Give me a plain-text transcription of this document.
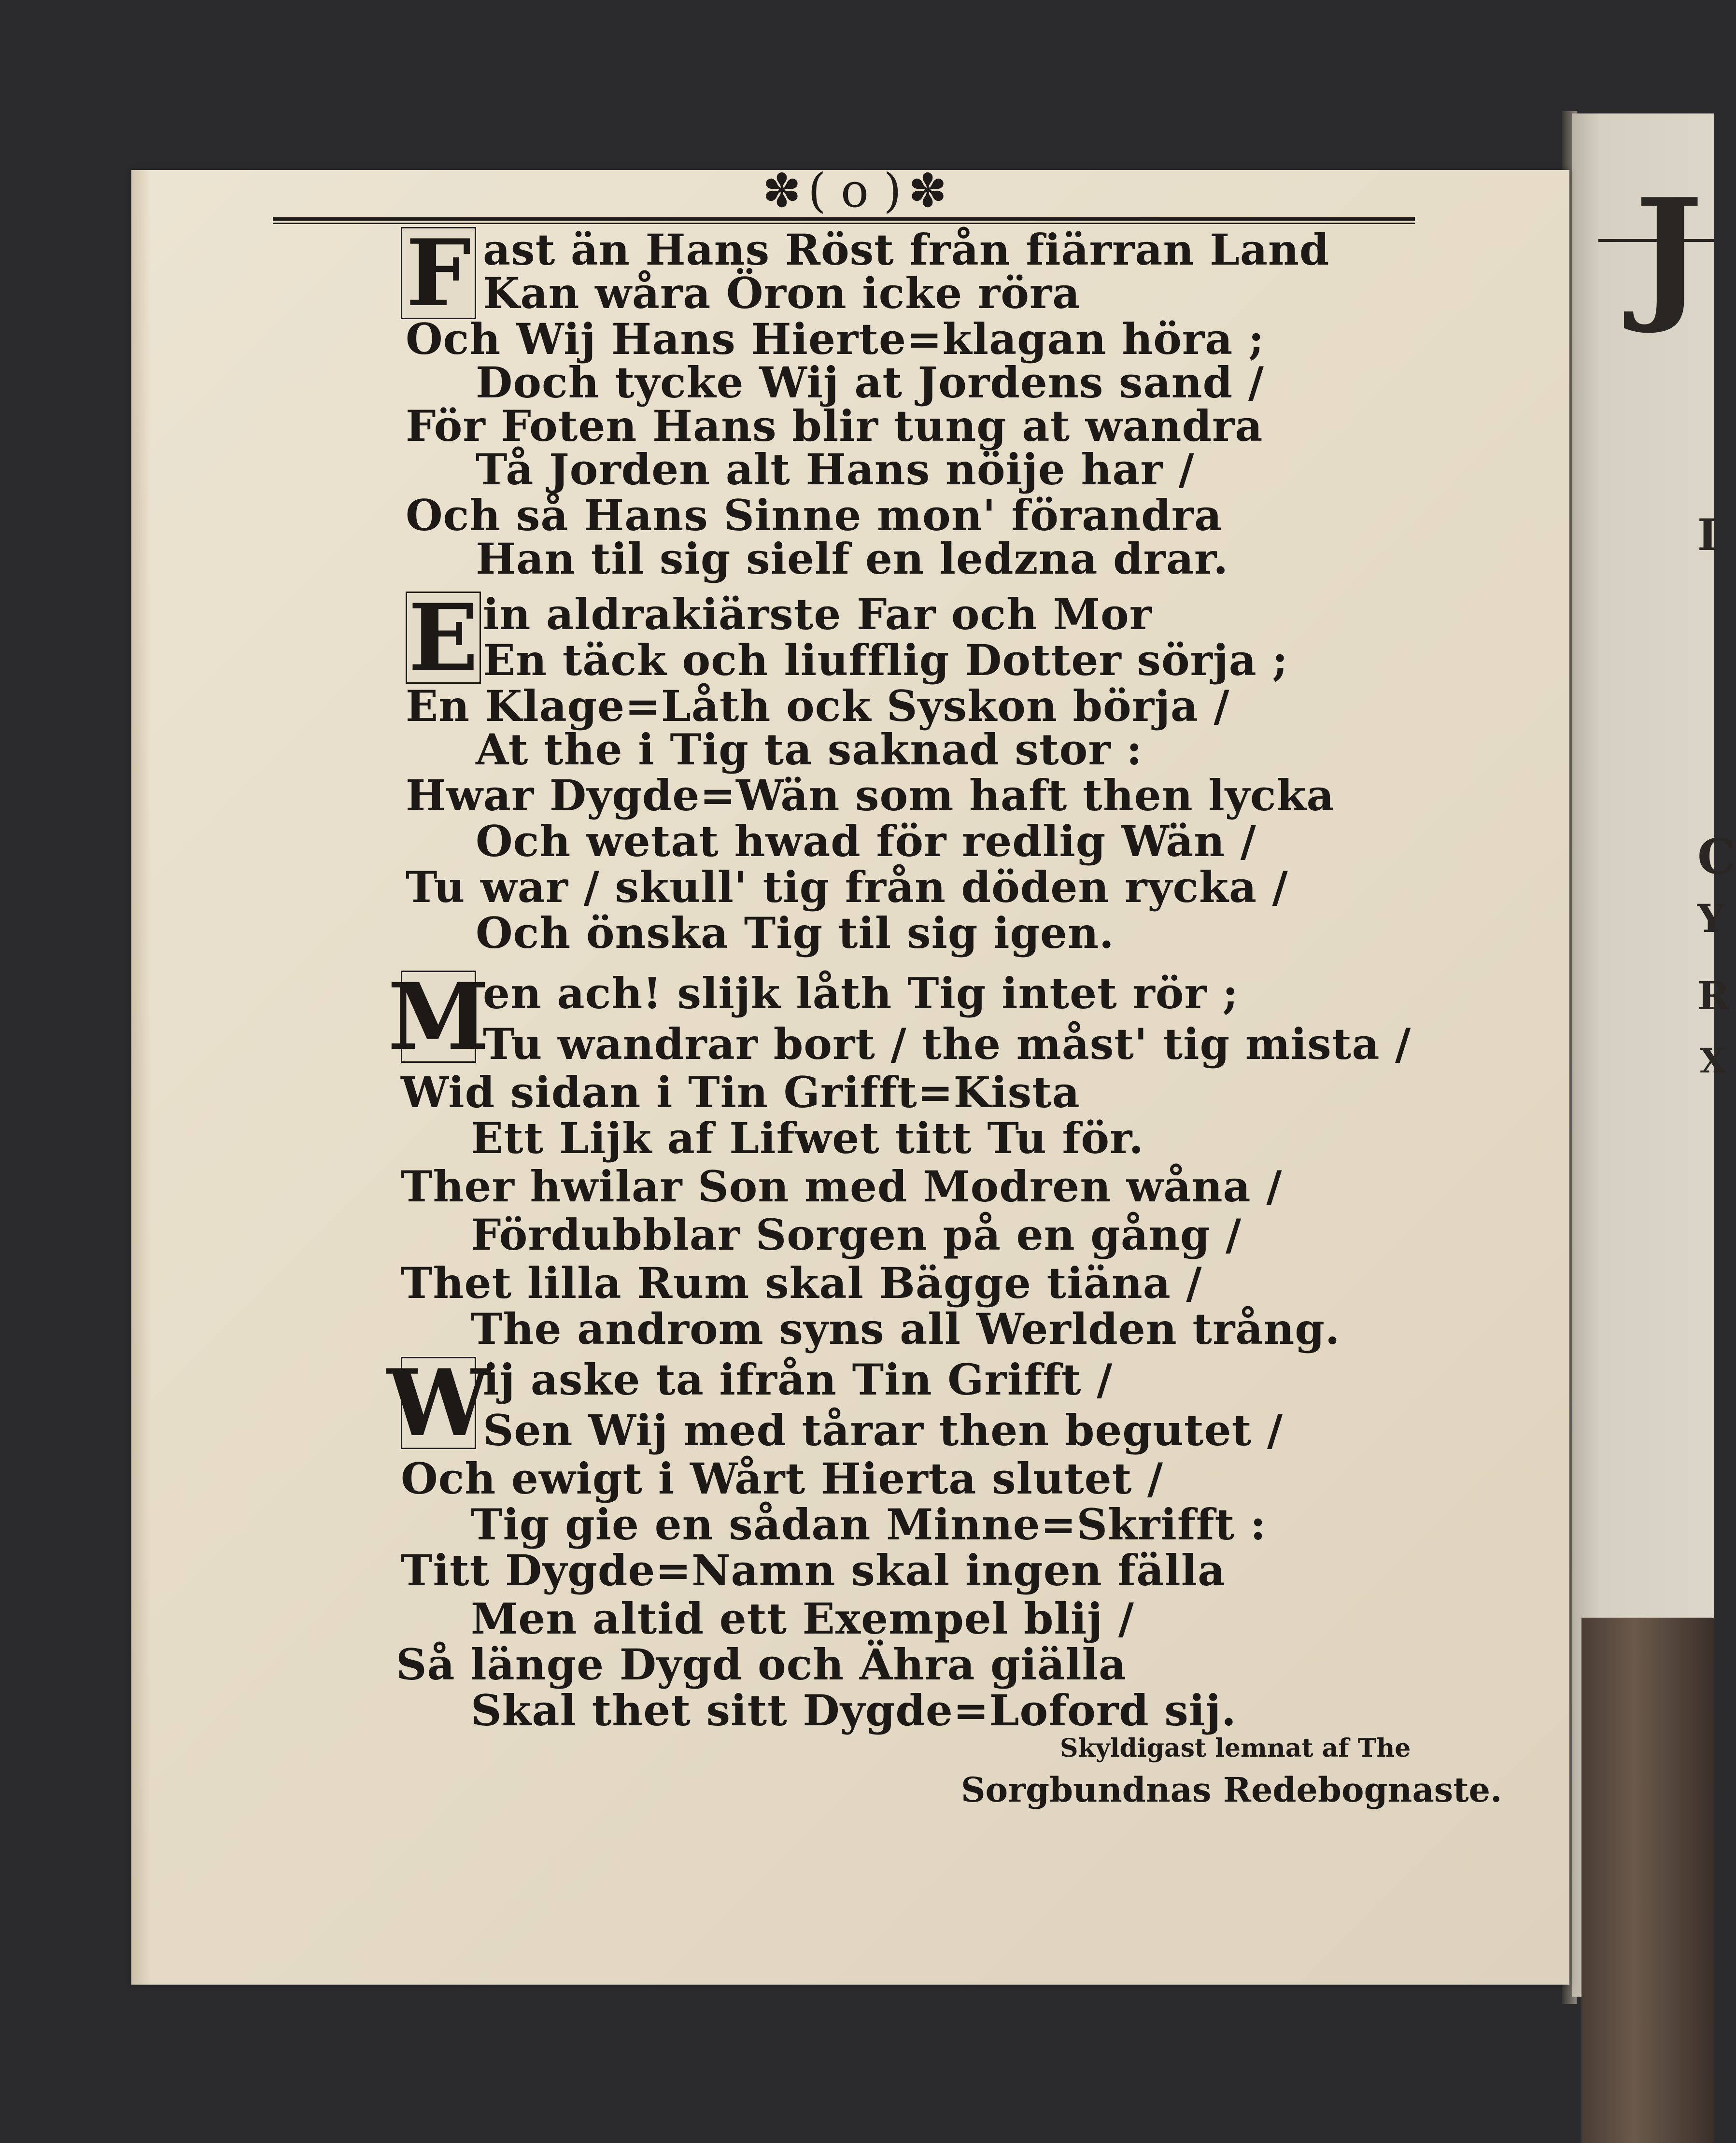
J
I
C
Y
R
X
✽ ( o ) ✽
F ast än Hans Röst från fiärran Land
Kan wåra Öron icke röra
Och Wij Hans Hierte=klagan höra ;
Doch tycke Wij at Jordens sand /
För Foten Hans blir tung at wandra
Tå Jorden alt Hans nöije har /
Och så Hans Sinne mon' förandra
Han til sig sielf en ledzna drar.
E in aldrakiärste Far och Mor
En täck och liufflig Dotter sörja ;
En Klage=Låth ock Syskon börja /
At the i Tig ta saknad stor :
Hwar Dygde=Wän som haft then lycka
Och wetat hwad för redlig Wän /
Tu war / skull' tig från döden rycka /
Och önska Tig til sig igen.
M
en ach! slijk låth Tig intet rör ;
Tu wandrar bort / the måst' tig mista /
Wid sidan i Tin Grifft=Kista
Ett Lijk af Lifwet titt Tu för.
Ther hwilar Son med Modren wåna /
Fördubblar Sorgen på en gång /
Thet lilla Rum skal Bägge tiäna /
The androm syns all Werlden trång.
W
ij aske ta ifrån Tin Grifft /
Sen Wij med tårar then begutet /
Och ewigt i Wårt Hierta slutet /
Tig gie en sådan Minne=Skrifft :
Titt Dygde=Namn skal ingen fälla
Men altid ett Exempel blij /
Så länge Dygd och Ähra giälla
Skal thet sitt Dygde=Loford sij.
Skyldigast lemnat af The
Sorgbundnas Redebognaste.
